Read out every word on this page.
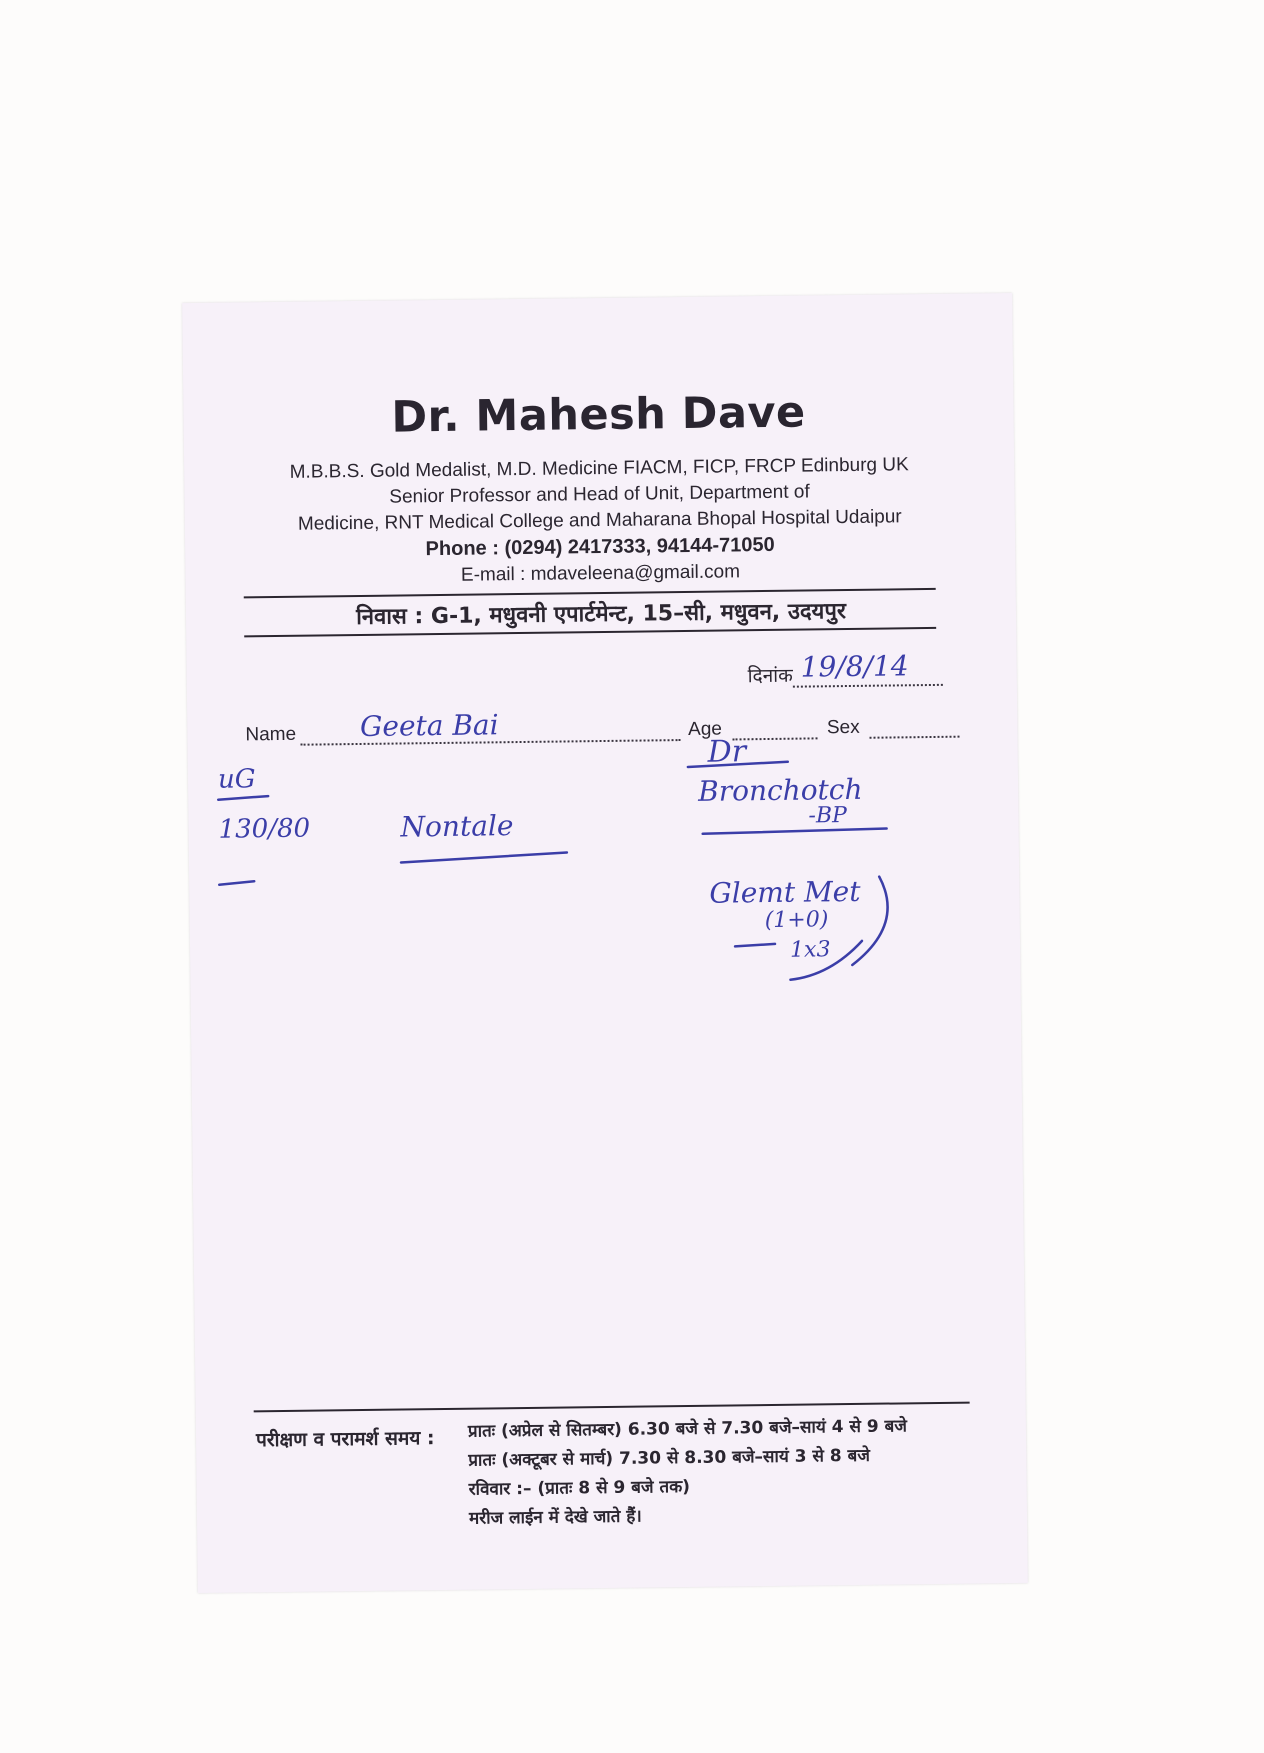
Dr. Mahesh Dave
M.B.B.S. Gold Medalist, M.D. Medicine FIACM, FICP, FRCP Edinburg UK
Senior Professor and Head of Unit, Department of
Medicine, RNT Medical College and Maharana Bhopal Hospital Udaipur
Phone : (0294) 2417333, 94144-71050
E-mail : mdaveleena@gmail.com
निवास : G-1, मधुवनी एपार्टमेन्ट, 15–सी, मधुवन, उदयपुर
दिनांक 19/8/14
Name Geeta Bai	Age	Sex
uG
130/80	Nontale
Dr
Bronchotch
-BP
Glemt Met
(1+0)
1x3
परीक्षण व परामर्श समय : प्रातः (अप्रेल से सितम्बर) 6.30 बजे से 7.30 बजे–सायं 4 से 9 बजे
प्रातः (अक्टूबर से मार्च) 7.30 से 8.30 बजे–सायं 3 से 8 बजे
रविवार :– (प्रातः 8 से 9 बजे तक)
मरीज लाईन में देखे जाते हैं।
